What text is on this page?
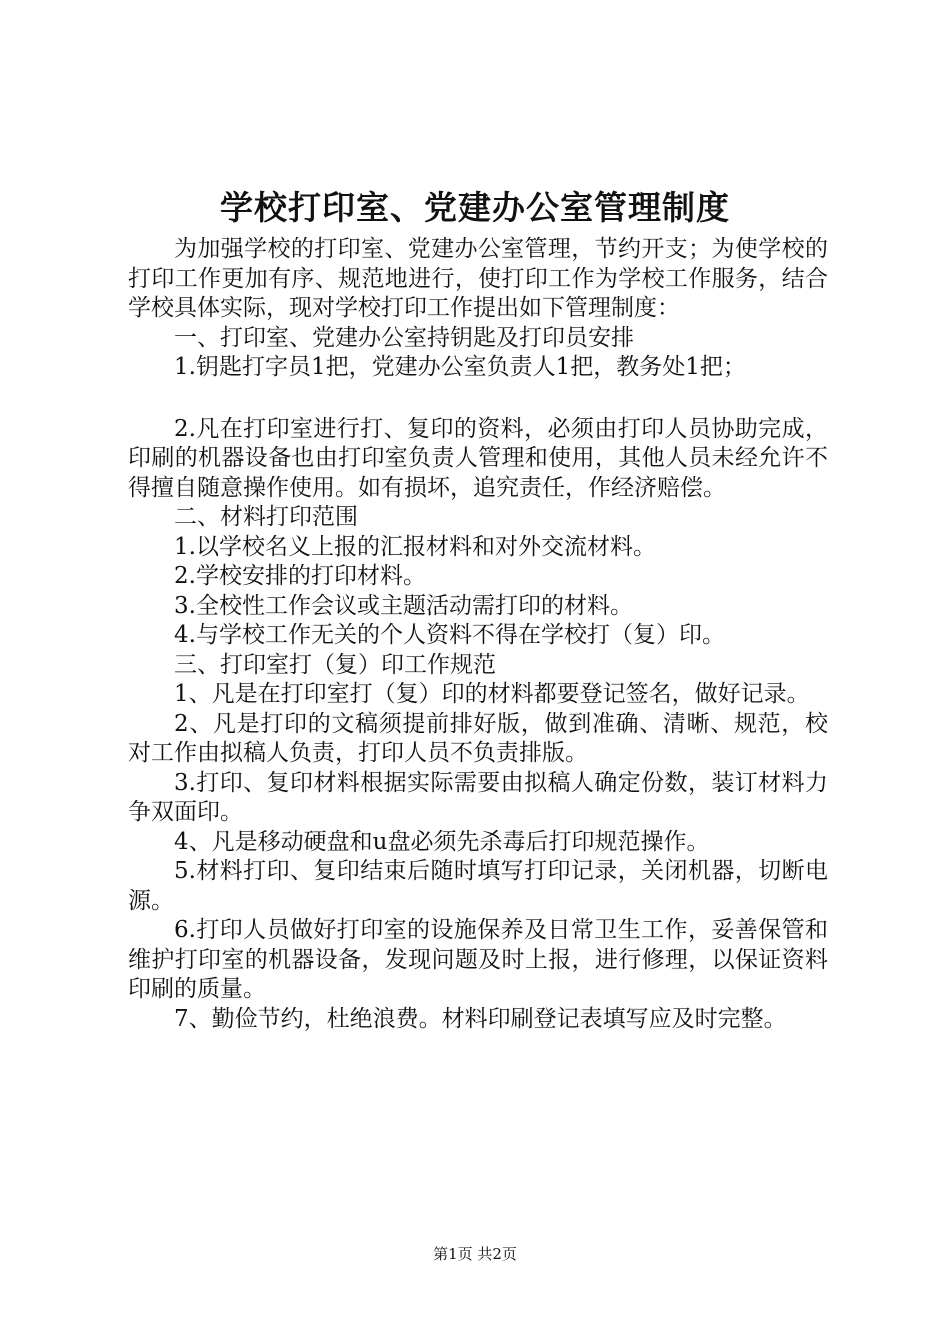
学校打印室、党建办公室管理制度

为加强学校的打印室、党建办公室管理，节约开支；为使学校的打印工作更加有序、规范地进行，使打印工作为学校工作服务，结合学校具体实际，现对学校打印工作提出如下管理制度：

一、打印室、党建办公室持钥匙及打印员安排

1.钥匙打字员1把，党建办公室负责人1把，教务处1把；

2.凡在打印室进行打、复印的资料，必须由打印人员协助完成，印刷的机器设备也由打印室负责人管理和使用，其他人员未经允许不得擅自随意操作使用。如有损坏，追究责任，作经济赔偿。

二、材料打印范围

1.以学校名义上报的汇报材料和对外交流材料。

2.学校安排的打印材料。

3.全校性工作会议或主题活动需打印的材料。

4.与学校工作无关的个人资料不得在学校打（复）印。

三、打印室打（复）印工作规范

1、凡是在打印室打（复）印的材料都要登记签名，做好记录。

2、凡是打印的文稿须提前排好版，做到准确、清晰、规范，校对工作由拟稿人负责，打印人员不负责排版。

3.打印、复印材料根据实际需要由拟稿人确定份数，装订材料力争双面印。

4、凡是移动硬盘和u盘必须先杀毒后打印规范操作。

5.材料打印、复印结束后随时填写打印记录，关闭机器，切断电源。

6.打印人员做好打印室的设施保养及日常卫生工作，妥善保管和维护打印室的机器设备，发现问题及时上报，进行修理，以保证资料印刷的质量。

7、勤俭节约，杜绝浪费。材料印刷登记表填写应及时完整。

第1页 共2页
